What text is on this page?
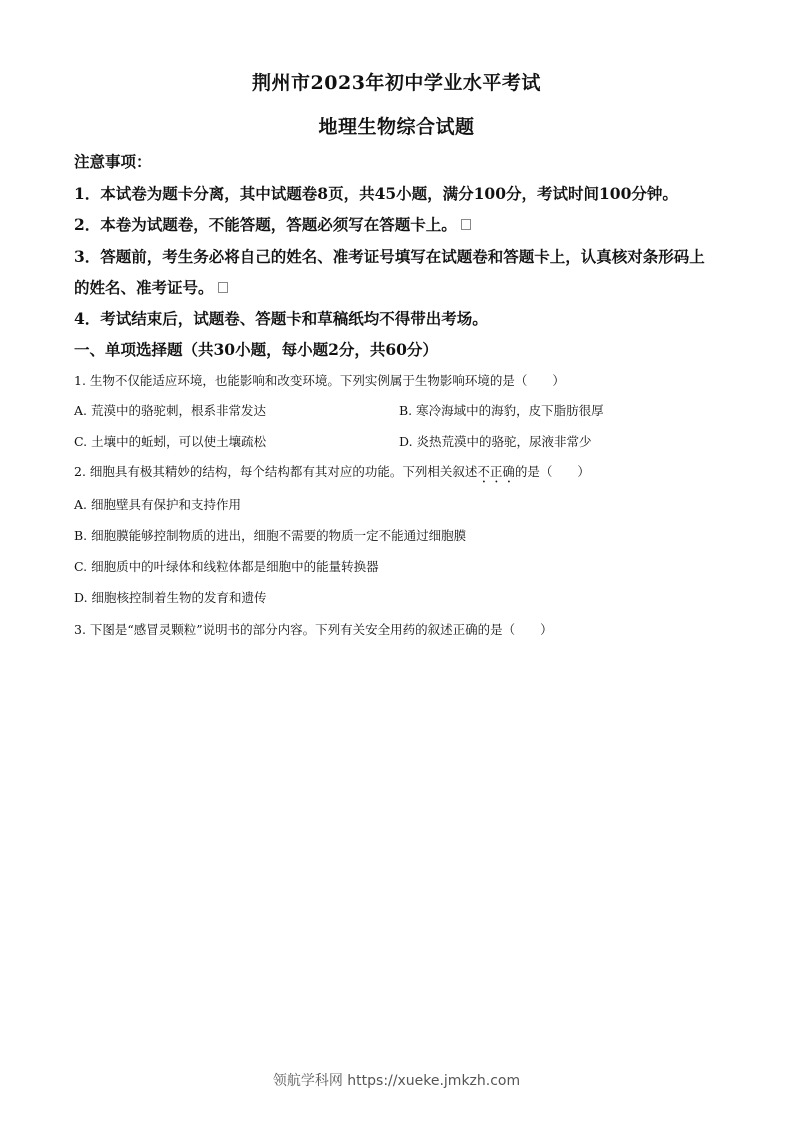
荆州市2023年初中学业水平考试
地理生物综合试题
注意事项：
1．本试卷为题卡分离，其中试题卷8页，共45小题，满分100分，考试时间100分钟。
2．本卷为试题卷，不能答题，答题必须写在答题卡上。
3．答题前，考生务必将自己的姓名、准考证号填写在试题卷和答题卡上，认真核对条形码上
的姓名、准考证号。
4．考试结束后，试题卷、答题卡和草稿纸均不得带出考场。
一、单项选择题（共30小题，每小题2分，共60分）
1. 生物不仅能适应环境，也能影响和改变环境。下列实例属于生物影响环境的是（　　）
A. 荒漠中的骆驼刺，根系非常发达	B. 寒冷海域中的海豹，皮下脂肪很厚
C. 土壤中的蚯蚓，可以使土壤疏松	D. 炎热荒漠中的骆驼，尿液非常少
2. 细胞具有极其精妙的结构，每个结构都有其对应的功能。下列相关叙述不正确的是（　　）
A. 细胞壁具有保护和支持作用
B. 细胞膜能够控制物质的进出，细胞不需要的物质一定不能通过细胞膜
C. 细胞质中的叶绿体和线粒体都是细胞中的能量转换器
D. 细胞核控制着生物的发育和遗传
3. 下图是“感冒灵颗粒”说明书的部分内容。下列有关安全用药的叙述正确的是（　　）
领航学科网 https://xueke.jmkzh.com
